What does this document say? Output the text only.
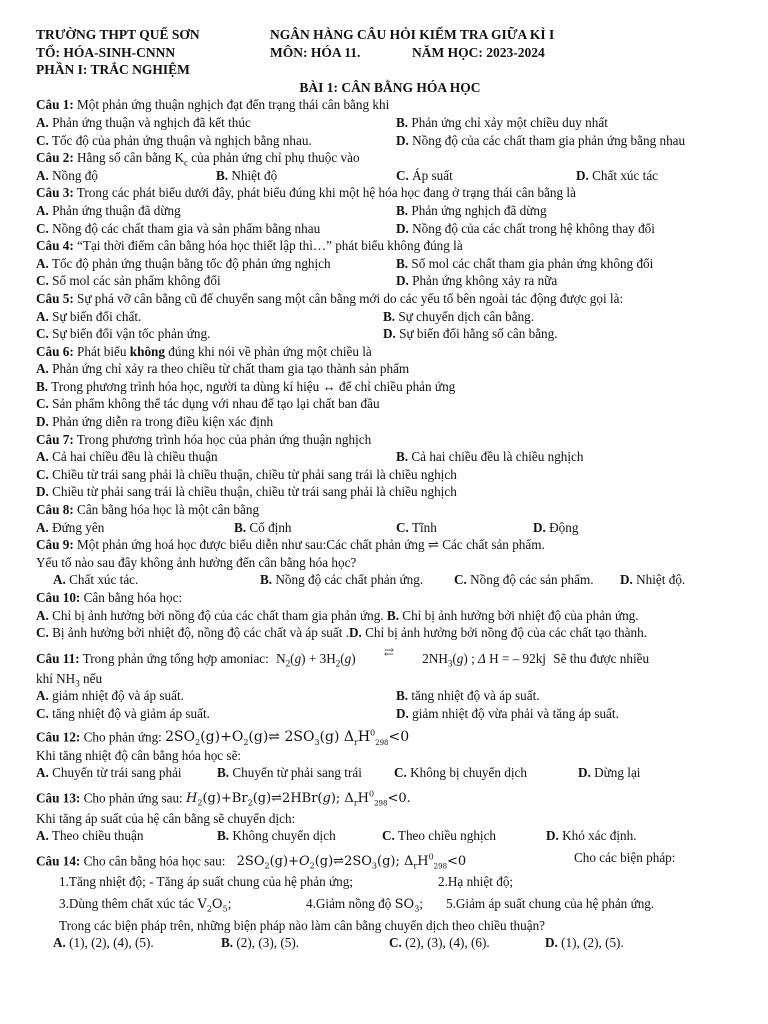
TRƯỜNG THPT QUẾ SƠN	NGÂN HÀNG CÂU HỎI KIỂM TRA GIỮA KÌ I
TỔ: HÓA-SINH-CNNN	MÔN: HÓA 11.	NĂM HỌC: 2023-2024
PHẦN I: TRẮC NGHIỆM
BÀI 1: CÂN BẰNG HÓA HỌC
Câu 1: Một phản ứng thuận nghịch đạt đến trạng thái cân bằng khi
A. Phản ứng thuận và nghịch đã kết thúc	B. Phản ứng chỉ xảy một chiều duy nhất
C. Tốc độ của phản ứng thuận và nghịch bằng nhau.	D. Nồng độ của các chất tham gia phản ứng bằng nhau
Câu 2: Hằng số cân bằng $K_c$ của phản ứng chỉ phụ thuộc vào
A. Nồng độ	B. Nhiệt độ	C. Áp suất	D. Chất xúc tác
Câu 3: Trong các phát biểu dưới đây, phát biểu đúng khi một hệ hóa học đang ở trạng thái cân bằng là
A. Phản ứng thuận đã dừng	B. Phản ứng nghịch đã dừng
C. Nồng độ các chất tham gia và sản phẩm bằng nhau	D. Nồng độ của các chất trong hệ không thay đổi
Câu 4: “Tại thời điểm cân bằng hóa học thiết lập thì…” phát biểu không đúng là
A. Tốc độ phản ứng thuận bằng tốc độ phản ứng nghịch	B. Số mol các chất tham gia phản ứng không đổi
C. Số mol các sản phẩm không đổi	D. Phản ứng không xảy ra nữa
Câu 5: Sự phá vỡ cân bằng cũ để chuyển sang một cân bằng mới do các yếu tố bên ngoài tác động được gọi là:
A. Sự biến đổi chất.	B. Sự chuyển dịch cân bằng.
C. Sự biến đổi vận tốc phản ứng.	D. Sự biến đổi hằng số cân bằng.
Câu 6: Phát biểu không đúng khi nói về phản ứng một chiều là
A. Phản ứng chỉ xảy ra theo chiều từ chất tham gia tạo thành sản phẩm
B. Trong phương trình hóa học, người ta dùng kí hiệu ↔ để chỉ chiều phản ứng
C. Sản phẩm không thể tác dụng với nhau để tạo lại chất ban đầu
D. Phản ứng diễn ra trong điều kiện xác định
Câu 7: Trong phương trình hóa học của phản ứng thuận nghịch
A. Cả hai chiều đều là chiều thuận	B. Cả hai chiều đều là chiều nghịch
C. Chiều từ trái sang phải là chiều thuận, chiều từ phải sang trái là chiều nghịch
D. Chiều từ phải sang trái là chiều thuận, chiều từ trái sang phải là chiều nghịch
Câu 8: Cân bằng hóa học là một cân bằng
A. Đứng yên	B. Cố định	C. Tĩnh	D. Động
Câu 9: Một phản ứng hoá học được biểu diễn như sau:Các chất phản ứng ⇌ Các chất sản phẩm.
Yếu tố nào sau đây không ảnh hưởng đến cân bằng hóa học?
A. Chất xúc tác.	B. Nồng độ các chất phản ứng. C. Nồng độ các sản phẩm. D. Nhiệt độ.
Câu 10: Cân bằng hóa học:
A. Chỉ bị ảnh hưởng bởi nồng độ của các chất tham gia phản ứng. B. Chỉ bị ảnh hưởng bởi nhiệt độ của phản ứng.
C. Bị ảnh hưởng bởi nhiệt độ, nồng độ các chất và áp suất .D. Chỉ bị ảnh hưởng bởi nồng độ của các chất tạo thành.
Câu 11: Trong phản ứng tổng hợp amoniac: $N_2(g) + 3H_2(g)$ ⇄ $2NH_3(g)$ ; Δ H = – 92kj Sẽ thu được nhiều
khí $NH_3$ nếu
A. giảm nhiệt độ và áp suất.	B. tăng nhiệt độ và áp suất.
C. tăng nhiệt độ và giảm áp suất.	D. giảm nhiệt độ vừa phải và tăng áp suất.
Câu 12: Cho phản ứng: $2SO_2(g)+O_2(g)\rightleftharpoons$ $2SO_3(g)$ $\Delta_rH^0_{298}<0$
Khi tăng nhiệt độ cân bằng hóa học sẽ:
A. Chuyển từ trái sang phải	B. Chuyển từ phải sang trái C. Không bị chuyển dịch	D. Dừng lại
Câu 13: Cho phản ứng sau: $H_2(g)+Br_2(g)\rightleftharpoons 2HBr(g)$; $\Delta_rH^0_{298}<0$.
Khi tăng áp suất của hệ cân bằng sẽ chuyển dịch:
A. Theo chiều thuận	B. Không chuyển dịch	C. Theo chiều nghịch	D. Khó xác định.
Câu 14: Cho cân bằng hóa học sau: $2SO_2(g)+O_2(g)\rightleftharpoons 2SO_3(g)$; $\Delta_rH^0_{298}<0$	Cho các biện pháp:
1.Tăng nhiệt độ; - Tăng áp suất chung của hệ phản ứng;	2.Hạ nhiệt độ;
3.Dùng thêm chất xúc tác $V_2O_5$;	4.Giảm nồng độ $SO_3$; 5.Giảm áp suất chung của hệ phản ứng.
Trong các biện pháp trên, những biện pháp nào làm cân bằng chuyển dịch theo chiều thuận?
A. (1), (2), (4), (5).	B. (2), (3), (5).	C. (2), (3), (4), (6).	D. (1), (2), (5).
